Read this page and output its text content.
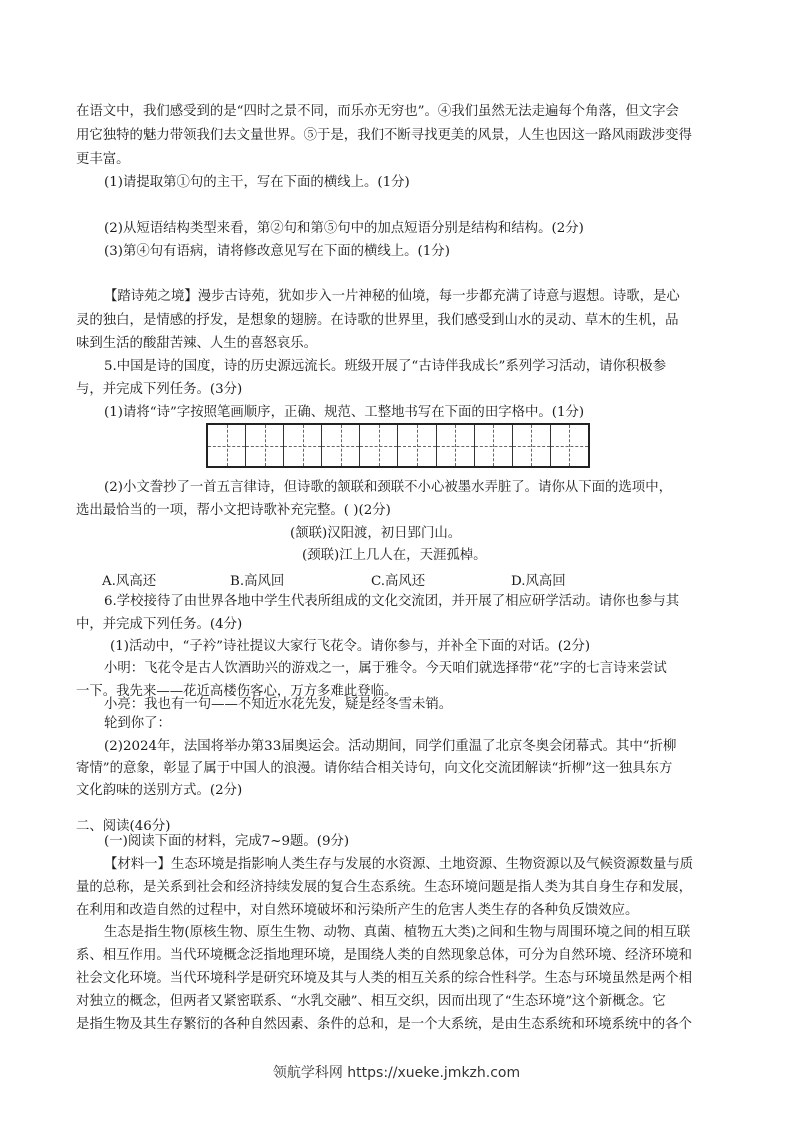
在语文中，我们感受到的是“四时之景不同，而乐亦无穷也”。④我们虽然无法走遍每个角落，但文字会
用它独特的魅力带领我们去文量世界。⑤于是，我们不断寻找更美的风景，人生也因这一路风雨跋涉变得
更丰富。
(1)请提取第①句的主干，写在下面的横线上。(1分)
(2)从短语结构类型来看，第②句和第⑤句中的加点短语分别是结构和结构。(2分)
(3)第④句有语病，请将修改意见写在下面的横线上。(1分)
【踏诗苑之境】漫步古诗苑，犹如步入一片神秘的仙境，每一步都充满了诗意与遐想。诗歌，是心
灵的独白，是情感的抒发，是想象的翅膀。在诗歌的世界里，我们感受到山水的灵动、草木的生机，品
味到生活的酸甜苦辣、人生的喜怒哀乐。
5.中国是诗的国度，诗的历史源远流长。班级开展了“古诗伴我成长”系列学习活动，请你积极参
与，并完成下列任务。(3分)
(1)请将“诗”字按照笔画顺序，正确、规范、工整地书写在下面的田字格中。(1分)
(2)小文誊抄了一首五言律诗，但诗歌的颔联和颈联不小心被墨水弄脏了。请你从下面的选项中，
选出最恰当的一项，帮小文把诗歌补充完整。( )(2分)
(颔联)汉阳渡，初日郢门山。
(颈联)江上几人在，天涯孤棹。
A.风高还	B.高风回	C.高风还	D.风高回
6.学校接待了由世界各地中学生代表所组成的文化交流团，并开展了相应研学活动。请你也参与其
中，并完成下列任务。(4分)
(1)活动中，“子衿”诗社提议大家行飞花令。请你参与，并补全下面的对话。(2分)
小明：飞花令是古人饮酒助兴的游戏之一，属于雅令。今天咱们就选择带“花”字的七言诗来尝试
一下。我先来——花近高楼伤客心，万方多难此登临。
小亮：我也有一句——不知近水花先发，疑是经冬雪未销。
轮到你了：
(2)2024年，法国将举办第33届奥运会。活动期间，同学们重温了北京冬奥会闭幕式。其中“折柳
寄情”的意象，彰显了属于中国人的浪漫。请你结合相关诗句，向文化交流团解读“折柳”这一独具东方
文化韵味的送别方式。(2分)
二、阅读(46分)
(一)阅读下面的材料，完成7~9题。(9分)
【材料一】生态环境是指影响人类生存与发展的水资源、土地资源、生物资源以及气候资源数量与质
量的总称，是关系到社会和经济持续发展的复合生态系统。生态环境问题是指人类为其自身生存和发展，
在利用和改造自然的过程中，对自然环境破坏和污染所产生的危害人类生存的各种负反馈效应。
生态是指生物(原核生物、原生生物、动物、真菌、植物五大类)之间和生物与周围环境之间的相互联
系、相互作用。当代环境概念泛指地理环境，是围绕人类的自然现象总体，可分为自然环境、经济环境和
社会文化环境。当代环境科学是研究环境及其与人类的相互关系的综合性科学。生态与环境虽然是两个相
对独立的概念，但两者又紧密联系、“水乳交融”、相互交织，因而出现了“生态环境”这个新概念。它
是指生物及其生存繁衍的各种自然因素、条件的总和，是一个大系统，是由生态系统和环境系统中的各个
领航学科网 https://xueke.jmkzh.com
